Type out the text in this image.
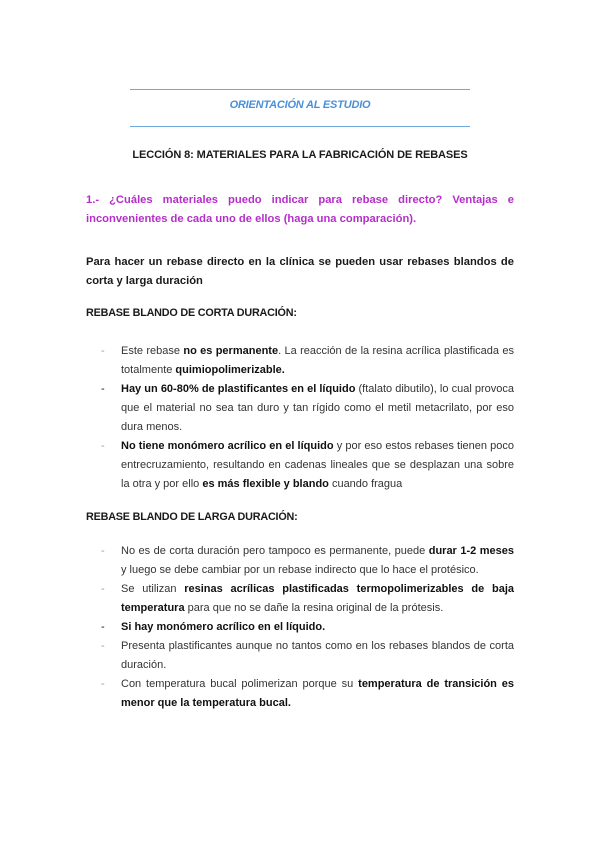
ORIENTACIÓN AL ESTUDIO
LECCIÓN 8: MATERIALES PARA LA FABRICACIÓN DE REBASES
1.- ¿Cuáles materiales puedo indicar para rebase directo? Ventajas e inconvenientes de cada uno de ellos (haga una comparación).
Para hacer un rebase directo en la clínica se pueden usar rebases blandos de corta y larga duración
REBASE BLANDO DE CORTA DURACIÓN:
- Este rebase no es permanente. La reacción de la resina acrílica plastificada es totalmente quimiopolimerizable.
- Hay un 60-80% de plastificantes en el líquido (ftalato dibutilo), lo cual provoca que el material no sea tan duro y tan rígido como el metil metacrilato, por eso dura menos.
- No tiene monómero acrílico en el líquido y por eso estos rebases tienen poco entrecruzamiento, resultando en cadenas lineales que se desplazan una sobre la otra y por ello es más flexible y blando cuando fragua
REBASE BLANDO DE LARGA DURACIÓN:
- No es de corta duración pero tampoco es permanente, puede durar 1-2 meses y luego se debe cambiar por un rebase indirecto que lo hace el protésico.
- Se utilizan resinas acrílicas plastificadas termopolimerizables de baja temperatura para que no se dañe la resina original de la prótesis.
- Si hay monómero acrílico en el líquido.
- Presenta plastificantes aunque no tantos como en los rebases blandos de corta duración.
- Con temperatura bucal polimerizan porque su temperatura de transición es menor que la temperatura bucal.
